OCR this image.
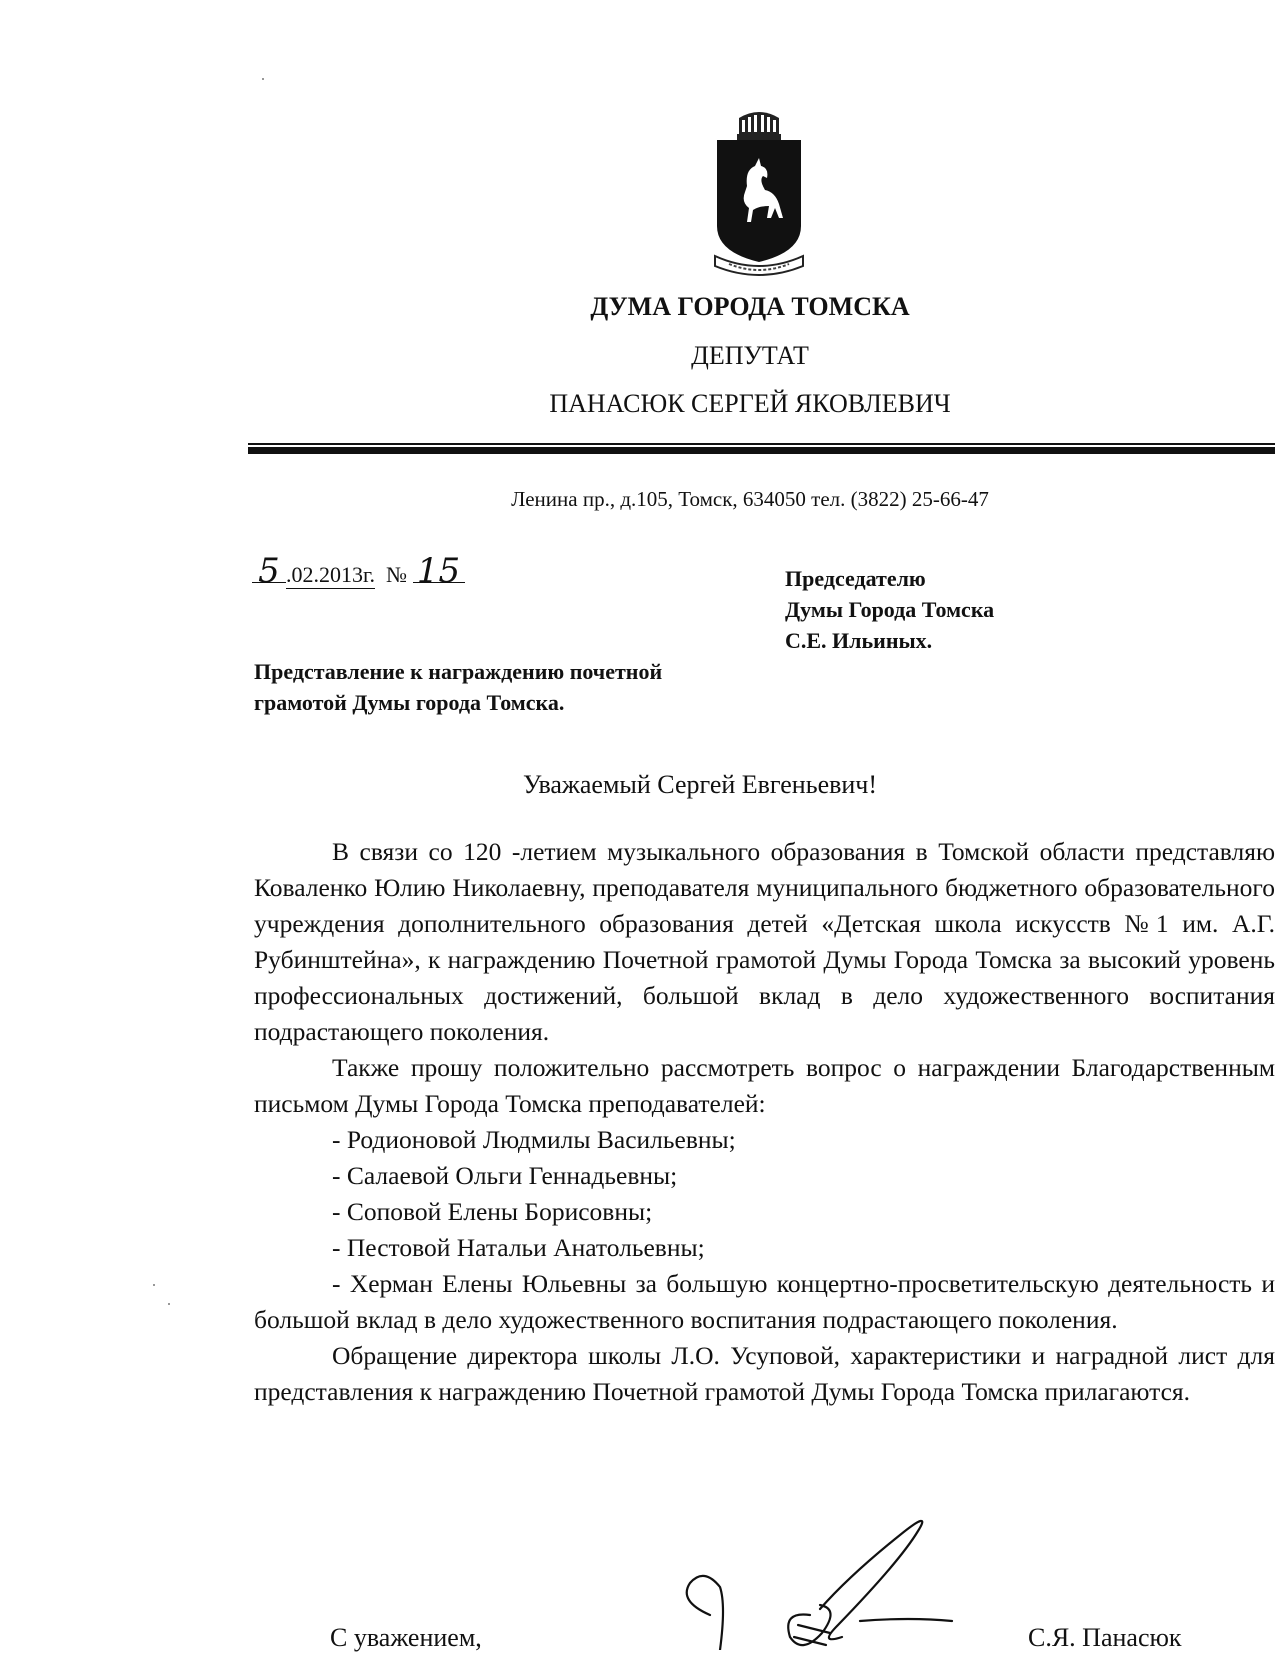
ДУМА ГОРОДА ТОМСКА
ДЕПУТАТ
ПАНАСЮК СЕРГЕЙ ЯКОВЛЕВИЧ
Ленина пр., д.105, Томск, 634050 тел. (3822) 25-66-47
5 .02.2013г. № 15	Председателю
Думы Города Томска
С.Е. Ильиных.
Представление к награждению почетной
грамотой Думы города Томска.
Уважаемый Сергей Евгеньевич!

В связи со 120 -летием музыкального образования в Томской области представляю Коваленко Юлию Николаевну, преподавателя муниципального бюджетного образовательного учреждения дополнительного образования детей «Детская школа искусств №1 им. А.Г. Рубинштейна», к награждению Почетной грамотой Думы Города Томска за высокий уровень профессиональных достижений, большой вклад в дело художественного воспитания подрастающего поколения.

Также прошу положительно рассмотреть вопрос о награждении Благодарственным письмом Думы Города Томска преподавателей:

- Родионовой Людмилы Васильевны;

- Салаевой Ольги Геннадьевны;

- Соповой Елены Борисовны;

- Пестовой Натальи Анатольевны;

- Херман Елены Юльевны за большую концертно-просветительскую деятельность и большой вклад в дело художественного воспитания подрастающего поколения.

Обращение директора школы Л.О. Усуповой, характеристики и наградной лист для представления к награждению Почетной грамотой Думы Города Томска прилагаются.

С уважением,	С.Я. Панасюк
